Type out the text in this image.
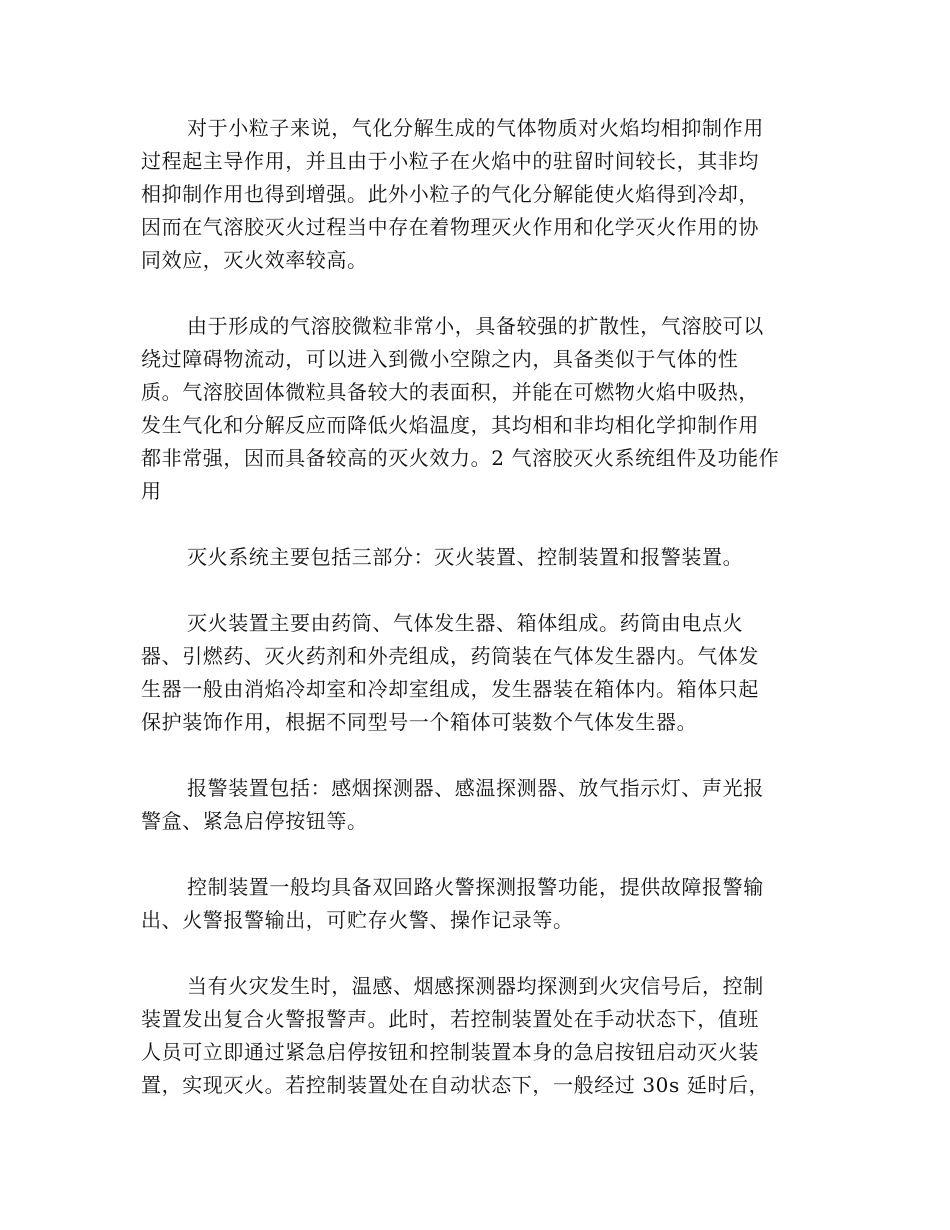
对于小粒子来说，气化分解生成的气体物质对火焰均相抑制作用
过程起主导作用，并且由于小粒子在火焰中的驻留时间较长，其非均
相抑制作用也得到增强。此外小粒子的气化分解能使火焰得到冷却，
因而在气溶胶灭火过程当中存在着物理灭火作用和化学灭火作用的协
同效应，灭火效率较高。
由于形成的气溶胶微粒非常小，具备较强的扩散性，气溶胶可以
绕过障碍物流动，可以进入到微小空隙之内，具备类似于气体的性
质。气溶胶固体微粒具备较大的表面积，并能在可燃物火焰中吸热，
发生气化和分解反应而降低火焰温度，其均相和非均相化学抑制作用
都非常强，因而具备较高的灭火效力。2 气溶胶灭火系统组件及功能作
用
灭火系统主要包括三部分：灭火装置、控制装置和报警装置。
灭火装置主要由药筒、气体发生器、箱体组成。药筒由电点火
器、引燃药、灭火药剂和外壳组成，药筒装在气体发生器内。气体发
生器一般由消焰冷却室和冷却室组成，发生器装在箱体内。箱体只起
保护装饰作用，根据不同型号一个箱体可装数个气体发生器。
报警装置包括：感烟探测器、感温探测器、放气指示灯、声光报
警盒、紧急启停按钮等。
控制装置一般均具备双回路火警探测报警功能，提供故障报警输
出、火警报警输出，可贮存火警、操作记录等。
当有火灾发生时，温感、烟感探测器均探测到火灾信号后，控制
装置发出复合火警报警声。此时，若控制装置处在手动状态下，值班
人员可立即通过紧急启停按钮和控制装置本身的急启按钮启动灭火装
置，实现灭火。若控制装置处在自动状态下，一般经过 30s 延时后，
